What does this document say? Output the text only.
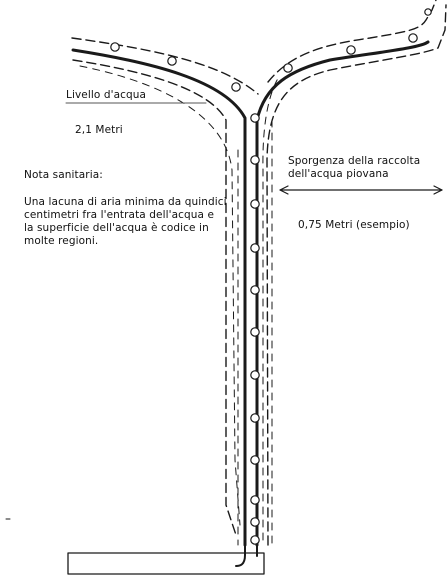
Livello d'acqua
2,1 Metri
Nota sanitaria:
Una lacuna di aria minima da quindici
centimetri fra l'entrata dell'acqua e
la superficie dell'acqua è codice in
molte regioni.
Sporgenza della raccolta
dell'acqua piovana
0,75 Metri (esempio)
